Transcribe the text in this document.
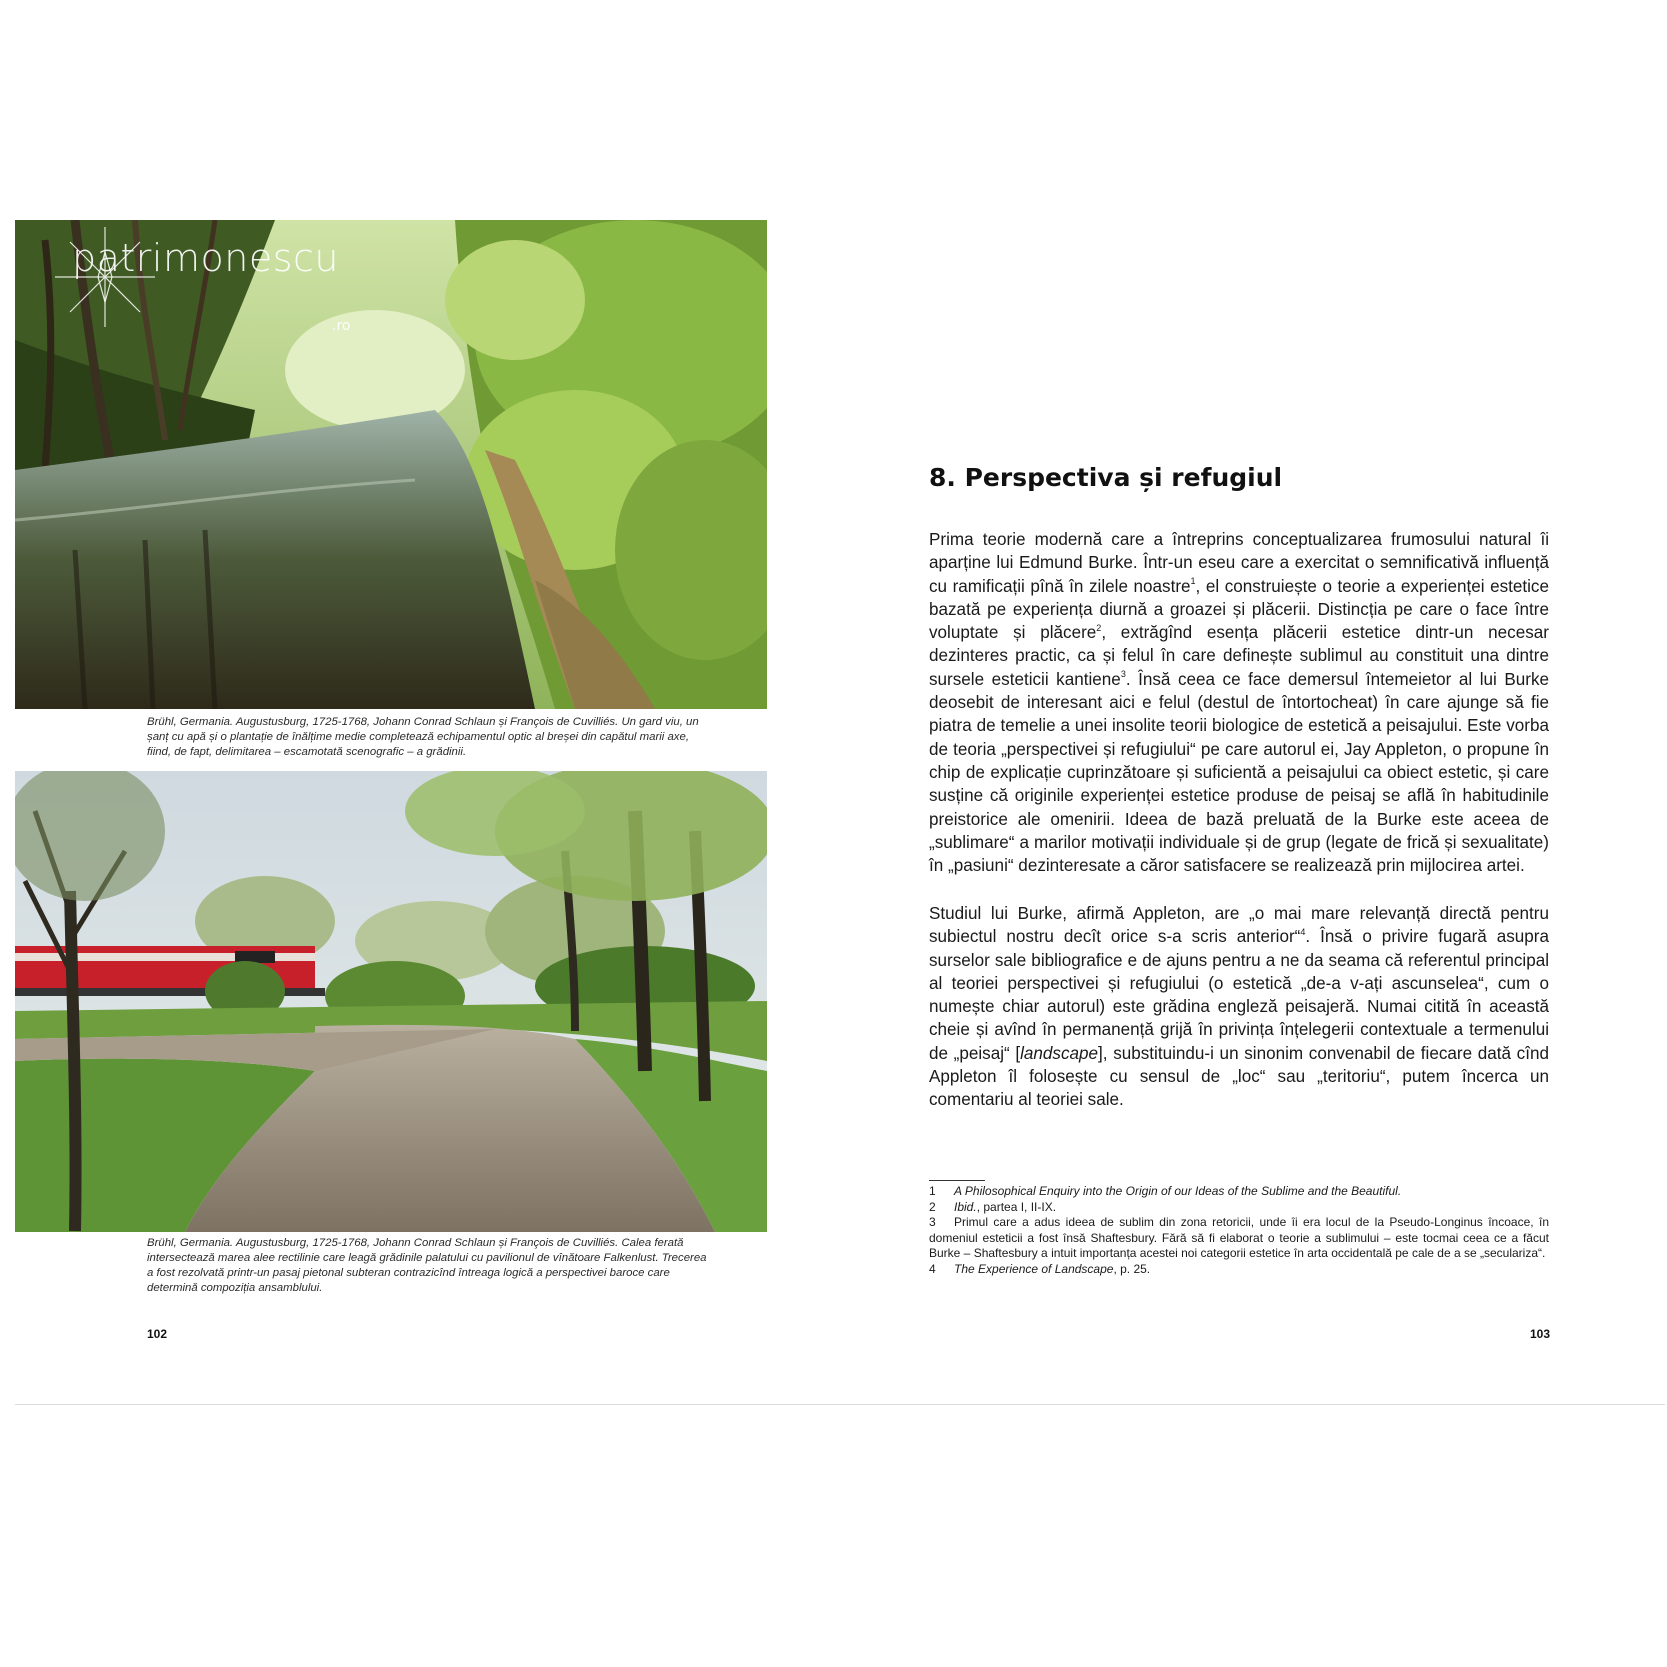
patrimonescu
.ro
Brühl, Germania. Augustusburg, 1725-1768, Johann Conrad Schlaun și François de Cuvilliés. Un gard viu, un șanț cu apă și o plantație de înălțime medie completează echipamentul optic al breșei din capătul marii axe, fiind, de fapt, delimitarea – escamotată scenografic – a grădinii.
Brühl, Germania. Augustusburg, 1725-1768, Johann Conrad Schlaun și François de Cuvilliés. Calea ferată intersectează marea alee rectilinie care leagă grădinile palatului cu pavilionul de vînătoare Falkenlust. Trecerea a fost rezolvată printr-un pasaj pietonal subteran contrazicînd întreaga logică a perspectivei baroce care determină compoziția ansamblului.
102
8. Perspectiva și refugiul

Prima teorie modernă care a întreprins conceptualizarea frumosului natural îi aparține lui Edmund Burke. Într-un eseu care a exercitat o semnificativă influență cu ramificații pînă în zilele noastre$^1$, el construiește o teorie a experienței estetice bazată pe experiența diurnă a groazei și plăcerii. Distincția pe care o face între voluptate și plăcere$^2$, extrăgînd esența plăcerii estetice dintr-un necesar dezinteres practic, ca și felul în care definește sublimul au constituit una dintre sursele esteticii kantiene$^3$. Însă ceea ce face demersul întemeietor al lui Burke deosebit de interesant aici e felul (destul de întortocheat) în care ajunge să fie piatra de temelie a unei insolite teorii biologice de estetică a peisajului. Este vorba de teoria „perspectivei și refugiului“ pe care autorul ei, Jay Appleton, o propune în chip de explicație cuprinzătoare și suficientă a peisajului ca obiect estetic, și care susține că originile experienței estetice produse de peisaj se află în habitudinile preistorice ale omenirii. Ideea de bază preluată de la Burke este aceea de „sublimare“ a marilor motivații individuale și de grup (legate de frică și sexualitate) în „pasiuni“ dezinteresate a căror satisfacere se realizează prin mijlocirea artei.

Studiul lui Burke, afirmă Appleton, are „o mai mare relevanță directă pentru subiectul nostru decît orice s-a scris anterior“$^4$. Însă o privire fugară asupra surselor sale bibliografice e de ajuns pentru a ne da seama că referentul principal al teoriei perspectivei și refugiului (o estetică „de-a v-ați ascunselea“, cum o numește chiar autorul) este grădina engleză peisajeră. Numai citită în această cheie și avînd în permanență grijă în privința înțelegerii contextuale a termenului de „peisaj“ [landscape], substituindu-i un sinonim convenabil de fiecare dată cînd Appleton îl folosește cu sensul de „loc“ sau „teritoriu“, putem încerca un comentariu al teoriei sale.

1	A Philosophical Enquiry into the Origin of our Ideas of the Sublime and the Beautiful.
2	Ibid., partea I, II-IX.
3 Primul care a adus ideea de sublim din zona retoricii, unde îi era locul de la Pseudo-Longinus încoace, în domeniul esteticii a fost însă Shaftesbury. Fără să fi elaborat o teorie a sublimului – este tocmai ceea ce a făcut Burke – Shaftesbury a intuit importanța acestei noi categorii estetice în arta occidentală pe cale de a se „seculariza“.
4	The Experience of Landscape, p. 25.
103
